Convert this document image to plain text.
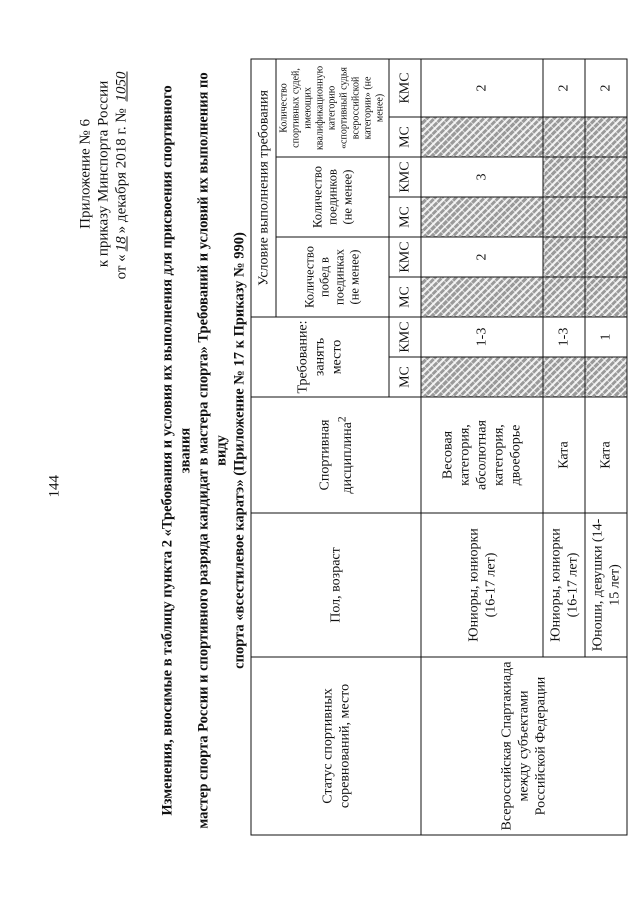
144
Приложение № 6 к приказу Минспорта России от «18» декабря 2018 г. № 1050 Изменения, вносимые в таблицу пункта 2 «Требования и условия их выполнения для присвоения спортивного звания мастер спорта России и спортивного разряда кандидат в мастера спорта» Требований и условий их выполнения по виду спорта «всестилевое каратэ» (Приложение № 17 к Приказу № 990)
Статус спортивных соревнований, место	Пол, возраст	Спортивная дисциплина$^2$	Требование: занять место		Условие выполнения требования					
					Количество побед в поединках (не менее)		Количество поединков (не менее)		Количество спортивных судей, имеющих квалификационную категорию «спортивный судья всероссийской категории» (не менее)	
			МС	КМС	МС	КМС	МС	КМС	МС	КМС
Всероссийская Спартакиада между субъектами Российской Федерации	Юниоры, юниорки (16-17 лет)	Весовая категория, абсолютная категория, двоеборье		1-3		2		3		2
	Юниоры, юниорки (16-17 лет)	Ката		1-3						2
	Юноши, девушки (14-15 лет)	Ката		1						2
